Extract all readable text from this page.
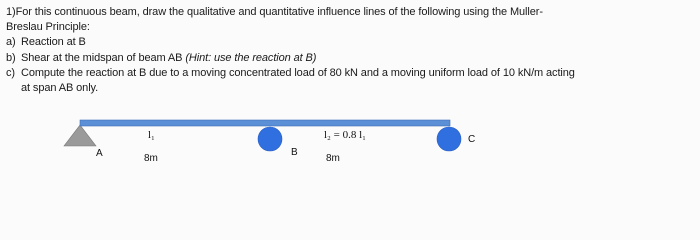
1)For this continuous beam, draw the qualitative and quantitative influence lines of the following using the Muller-

Breslau Principle:

a) Reaction at B
b) Shear at the midspan of beam AB (Hint: use the reaction at B)
c) Compute the reaction at B due to a moving concentrated load of 80 kN and a moving uniform load of 10 kN/m acting
at span AB only.
A
l₁
8m
B
l₂ = 0.8 l₁
8m
C
